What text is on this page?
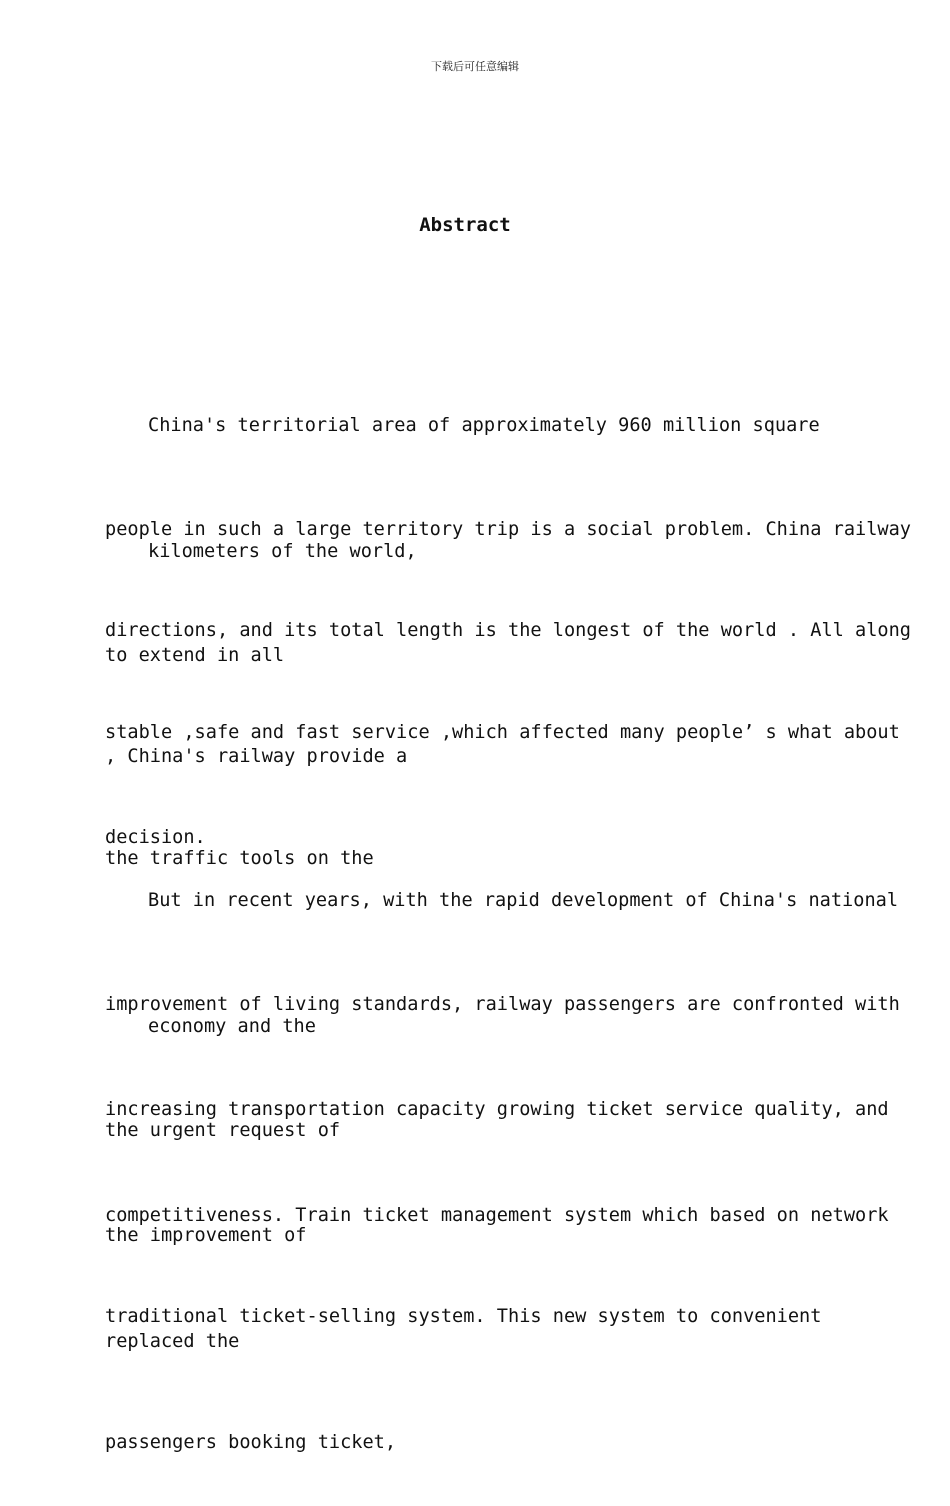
下载后可任意编辑
Abstract

China's territorial area of approximately 960 million square

kilometers of the world,

people in such a large territory trip is a social problem. China railway

to extend in all

directions, and its total length is the longest of the world . All along

, China's railway provide a

stable ,safe and fast service ,which affected many people’ s what about

the traffic tools on the

decision.

But in recent years, with the rapid development of China's national

economy and the

improvement of living standards, railway passengers are confronted with

the urgent request of

increasing transportation capacity growing ticket service quality, and

the improvement of

competitiveness. Train ticket management system which based on network

replaced the

traditional ticket-selling system. This new system to convenient

passengers booking ticket,
